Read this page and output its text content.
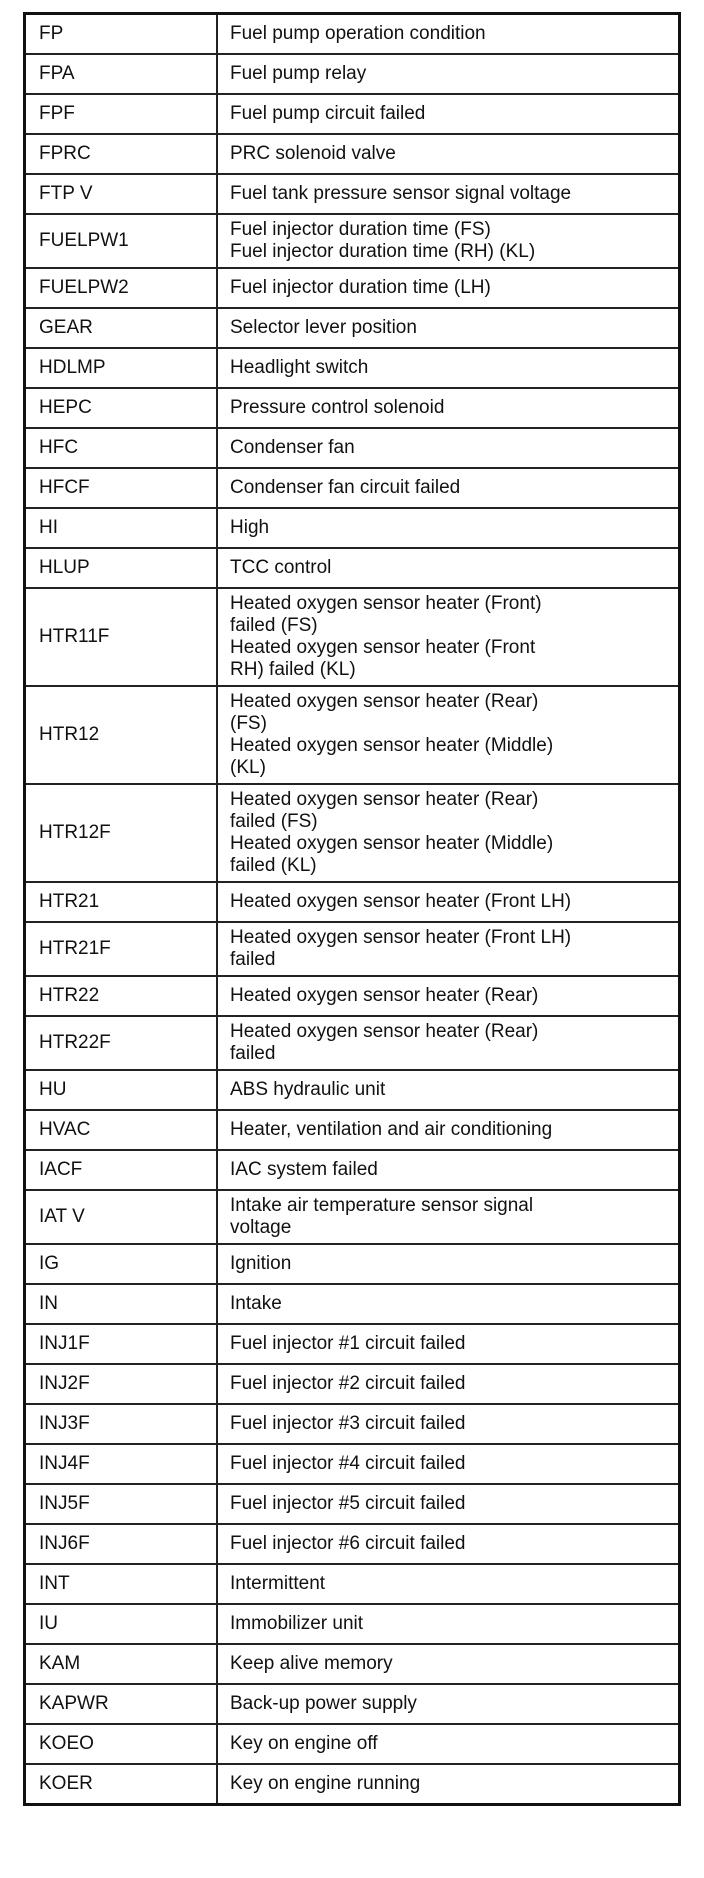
FP	Fuel pump operation condition
FPA	Fuel pump relay
FPF	Fuel pump circuit failed
FPRC	PRC solenoid valve
FTP V	Fuel tank pressure sensor signal voltage
FUELPW1	Fuel injector duration time (FS)
Fuel injector duration time (RH) (KL)
FUELPW2	Fuel injector duration time (LH)
GEAR	Selector lever position
HDLMP	Headlight switch
HEPC	Pressure control solenoid
HFC	Condenser fan
HFCF	Condenser fan circuit failed
HI	High
HLUP	TCC control
HTR11F	Heated oxygen sensor heater (Front)
failed (FS)
Heated oxygen sensor heater (Front
RH) failed (KL)
HTR12	Heated oxygen sensor heater (Rear)
(FS)
Heated oxygen sensor heater (Middle)
(KL)
HTR12F	Heated oxygen sensor heater (Rear)
failed (FS)
Heated oxygen sensor heater (Middle)
failed (KL)
HTR21	Heated oxygen sensor heater (Front LH)
HTR21F	Heated oxygen sensor heater (Front LH)
failed
HTR22	Heated oxygen sensor heater (Rear)
HTR22F	Heated oxygen sensor heater (Rear)
failed
HU	ABS hydraulic unit
HVAC	Heater, ventilation and air conditioning
IACF	IAC system failed
IAT V	Intake air temperature sensor signal
voltage
IG	Ignition
IN	Intake
INJ1F	Fuel injector #1 circuit failed
INJ2F	Fuel injector #2 circuit failed
INJ3F	Fuel injector #3 circuit failed
INJ4F	Fuel injector #4 circuit failed
INJ5F	Fuel injector #5 circuit failed
INJ6F	Fuel injector #6 circuit failed
INT	Intermittent
IU	Immobilizer unit
KAM	Keep alive memory
KAPWR	Back-up power supply
KOEO	Key on engine off
KOER	Key on engine running
